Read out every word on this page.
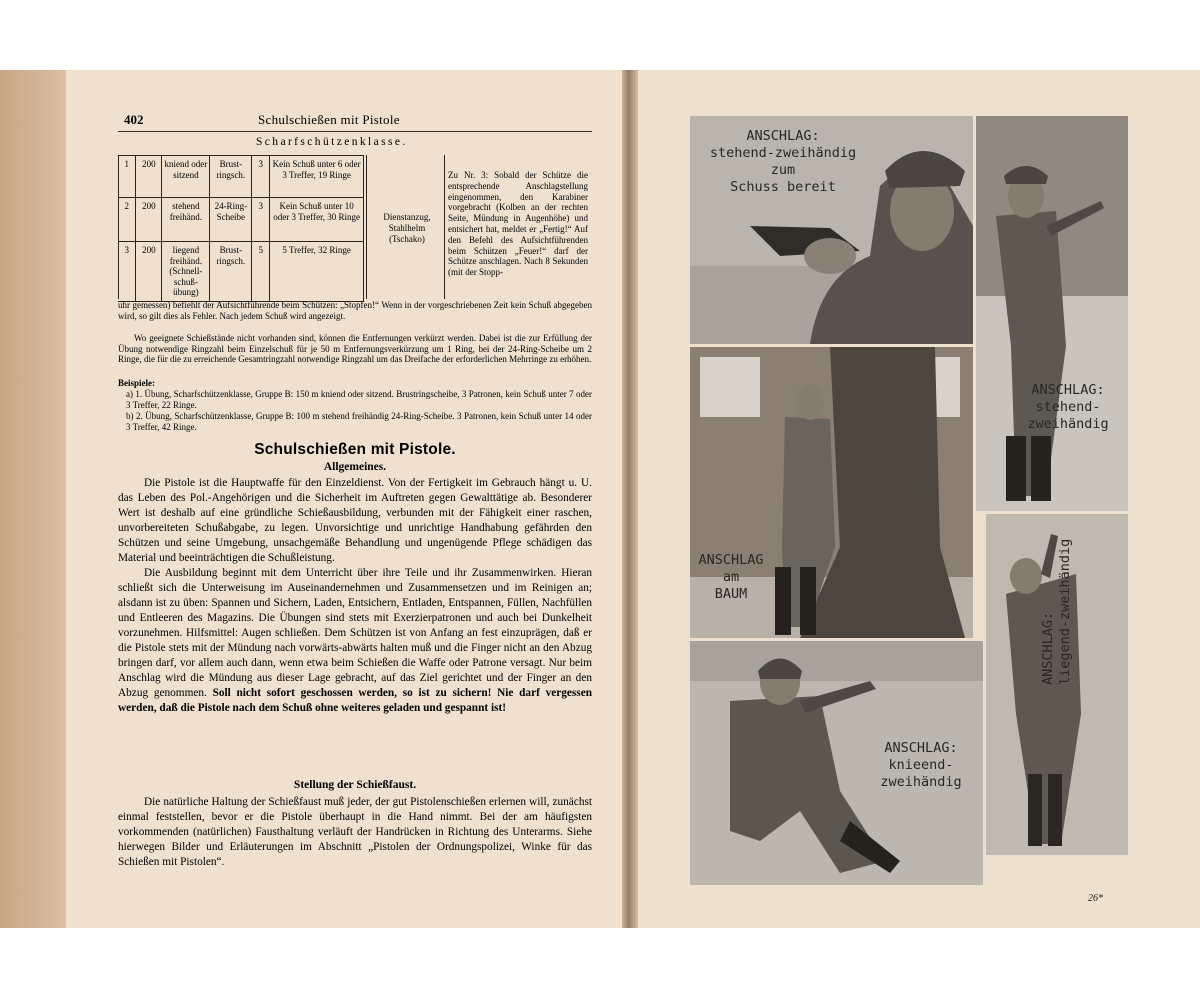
402	Schulschießen mit Pistole
Scharfschützenklasse.
1	200	kniend oder sitzend	Brust-ringsch.	3	Kein Schuß unter 6 oder 3 Treffer, 19 Ringe
2	200	stehend freihänd.	24-Ring-Scheibe	3	Kein Schuß unter 10 oder 3 Treffer, 30 Ringe
3	200	liegend freihänd. (Schnell-schuß-übung)	Brust-ringsch.	5	5 Treffer, 32 Ringe
Dienstanzug, Stahlhelm (Tschako)
Zu Nr. 3: Sobald der Schütze die entsprechende Anschlagstellung eingenommen, den Karabiner vorgebracht (Kolben an der rechten Seite, Mündung in Augenhöhe) und entsichert hat, meldet er „Fertig!“ Auf den Befehl des Aufsichtführenden beim Schützen „Feuer!“ darf der Schütze anschlagen. Nach 8 Sekunden (mit der Stopp-
uhr gemessen) befiehlt der Aufsichtführende beim Schützen: „Stopfen!“ Wenn in der vorgeschriebenen Zeit kein Schuß abgegeben wird, so gilt dies als Fehler. Nach jedem Schuß wird angezeigt.
Wo geeignete Schießstände nicht vorhanden sind, können die Entfernungen verkürzt werden. Dabei ist die zur Erfüllung der Übung notwendige Ringzahl beim Einzelschuß für je 50 m Entfernungsverkürzung um 1 Ring, bei der 24-Ring-Scheibe um 2 Ringe, die für die zu erreichende Gesamtringzahl notwendige Ringzahl um das Dreifache der erforderlichen Mehrringe zu erhöhen.
Beispiele:
a) 1. Übung, Scharfschützenklasse, Gruppe B: 150 m kniend oder sitzend. Brustringscheibe, 3 Patronen, kein Schuß unter 7 oder 3 Treffer, 22 Ringe.
b) 2. Übung, Scharfschützenklasse, Gruppe B: 100 m stehend freihändig 24-Ring-Scheibe. 3 Patronen, kein Schuß unter 14 oder 3 Treffer, 42 Ringe.
Schulschießen mit Pistole.
Allgemeines.

Die Pistole ist die Hauptwaffe für den Einzeldienst. Von der Fertigkeit im Gebrauch hängt u. U. das Leben des Pol.-Angehörigen und die Sicherheit im Auftreten gegen Gewalttätige ab. Besonderer Wert ist deshalb auf eine gründliche Schießausbildung, verbunden mit der Fähigkeit einer raschen, unvorbereiteten Schußabgabe, zu legen. Unvorsichtige und unrichtige Handhabung gefährden den Schützen und seine Umgebung, unsachgemäße Behandlung und ungenügende Pflege schädigen das Material und beeinträchtigen die Schußleistung.

Die Ausbildung beginnt mit dem Unterricht über ihre Teile und ihr Zusammenwirken. Hieran schließt sich die Unterweisung im Auseinandernehmen und Zusammensetzen und im Reinigen an; alsdann ist zu üben: Spannen und Sichern, Laden, Entsichern, Entladen, Entspannen, Füllen, Nachfüllen und Entleeren des Magazins. Die Übungen sind stets mit Exerzierpatronen und auch bei Dunkelheit vorzunehmen. Hilfsmittel: Augen schließen. Dem Schützen ist von Anfang an fest einzuprägen, daß er die Pistole stets mit der Mündung nach vorwärts-abwärts halten muß und die Finger nicht an den Abzug bringen darf, vor allem auch dann, wenn etwa beim Schießen die Waffe oder Patrone versagt. Nur beim Anschlag wird die Mündung aus dieser Lage gebracht, auf das Ziel gerichtet und der Finger an den Abzug genommen. Soll nicht sofort geschossen werden, so ist zu sichern! Nie darf vergessen werden, daß die Pistole nach dem Schuß ohne weiteres geladen und gespannt ist!

Stellung der Schießfaust.

Die natürliche Haltung der Schießfaust muß jeder, der gut Pistolenschießen erlernen will, zunächst einmal feststellen, bevor er die Pistole überhaupt in die Hand nimmt. Bei der am häufigsten vorkommenden (natürlichen) Fausthaltung verläuft der Handrücken in Richtung des Unterarms. Siehe hierwegen Bilder und Erläuterungen im Abschnitt „Pistolen der Ordnungspolizei, Winke für das Schießen mit Pistolen“.

ANSCHLAG:
stehend-zweihändig
zum
Schuss bereit
ANSCHLAG:
stehend-
zweihändig
ANSCHLAG
am
BAUM
ANSCHLAG:
knieend-
zweihändig
ANSCHLAG:
liegend-zweihändig
26*
